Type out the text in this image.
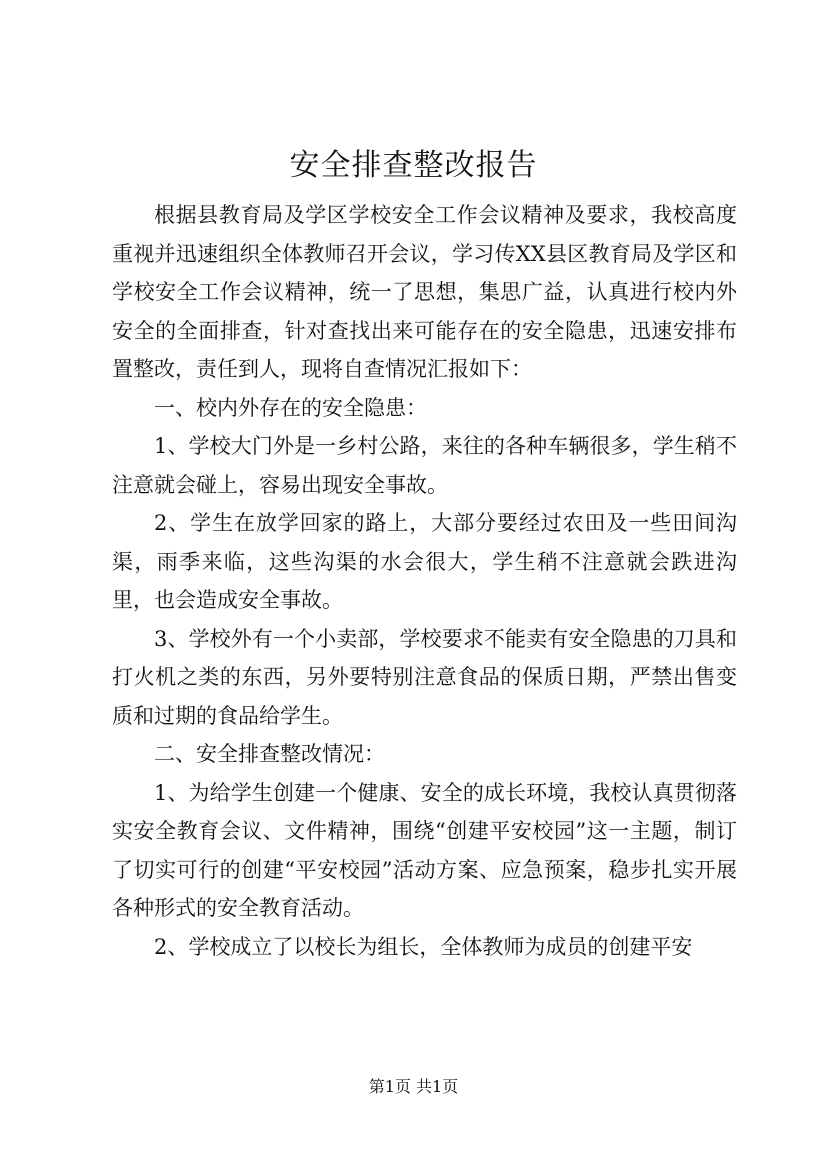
安全排查整改报告

根据县教育局及学区学校安全工作会议精神及要求，我校高度重视并迅速组织全体教师召开会议，学习传XX县区教育局及学区和学校安全工作会议精神，统一了思想，集思广益，认真进行校内外安全的全面排查，针对查找出来可能存在的安全隐患，迅速安排布置整改，责任到人，现将自查情况汇报如下：

一、校内外存在的安全隐患：

1、学校大门外是一乡村公路，来往的各种车辆很多，学生稍不注意就会碰上，容易出现安全事故。

2、学生在放学回家的路上，大部分要经过农田及一些田间沟渠，雨季来临，这些沟渠的水会很大，学生稍不注意就会跌进沟里，也会造成安全事故。

3、学校外有一个小卖部，学校要求不能卖有安全隐患的刀具和打火机之类的东西，另外要特别注意食品的保质日期，严禁出售变质和过期的食品给学生。

二、安全排查整改情况：

1、为给学生创建一个健康、安全的成长环境，我校认真贯彻落实安全教育会议、文件精神，围绕“创建平安校园”这一主题，制订了切实可行的创建“平安校园”活动方案、应急预案，稳步扎实开展各种形式的安全教育活动。

2、学校成立了以校长为组长，全体教师为成员的创建平安

第1页 共1页
